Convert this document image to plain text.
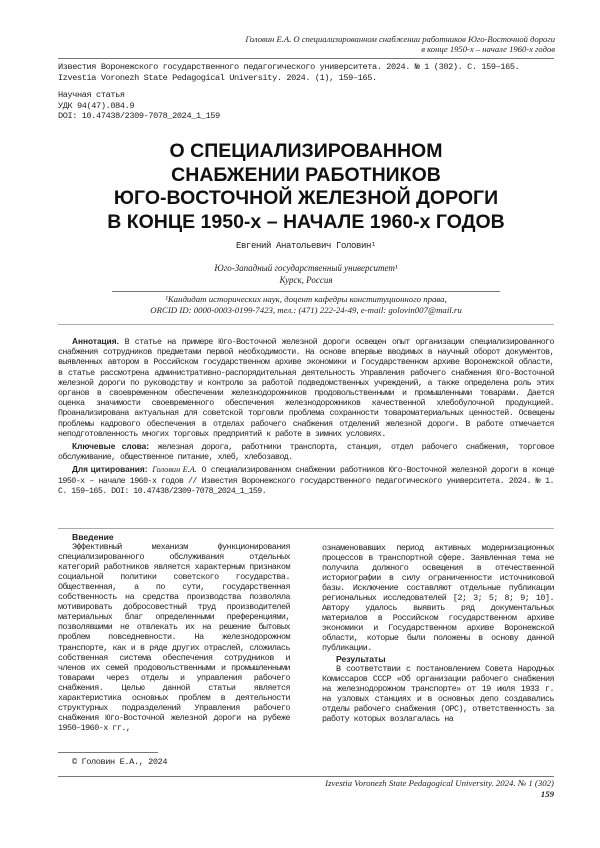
Головин Е.А. О специализированном снабжении работников Юго-Восточной дороги
в конце 1950-х – начале 1960-х годов
Известия Воронежского государственного педагогического университета. 2024. № 1 (302). С. 159–165.
Izvestia Voronezh State Pedagogical University. 2024. (1), 159–165.
Научная статья
УДК 94(47).084.9
DOI: 10.47438/2309-7078_2024_1_159
О СПЕЦИАЛИЗИРОВАННОМ
СНАБЖЕНИИ РАБОТНИКОВ
ЮГО-ВОСТОЧНОЙ ЖЕЛЕЗНОЙ ДОРОГИ
В КОНЦЕ 1950-х – НАЧАЛЕ 1960-х ГОДОВ
Евгений Анатольевич Головин¹
Юго-Западный государственный университет¹
Курск, Россия
¹Кандидат исторических наук, доцент кафедры конституционного права,
ORCID ID: 0000-0003-0199-7423, тел.: (471) 222-24-49, e-mail: golovin007@mail.ru

Аннотация. В статье на примере Юго-Восточной железной дороги освещен опыт организации специализированного снабжения сотрудников предметами первой необходимости. На основе впервые вводимых в научный оборот документов, выявленных автором в Российском государственном архиве экономики и Государственном архиве Воронежской области, в статье рассмотрена административно-распорядительная деятельность Управления рабочего снабжения Юго-Восточной железной дороги по руководству и контролю за работой подведомственных учреждений, а также определена роль этих органов в своевременном обеспечении железнодорожников продовольственными и промышленными товарами. Дается оценка значимости своевременного обеспечения железнодорожников качественной хлебобулочной продукцией. Проанализирована актуальная для советской торговли проблема сохранности товароматериальных ценностей. Освещены проблемы кадрового обеспечения в отделах рабочего снабжения отделений железной дороги. В работе отмечается неподготовленность многих торговых предприятий к работе в зимних условиях.

Ключевые слова: железная дорога, работники транспорта, станция, отдел рабочего снабжения, торговое обслуживание, общественное питание, хлеб, хлебозавод.

Для цитирования: Головин Е.А. О специализированном снабжении работников Юго-Восточной железной дороги в конце 1950-х – начале 1960-х годов // Известия Воронежского государственного педагогического университета. 2024. № 1. С. 159–165. DOI: 10.47438/2309-7078_2024_1_159.

Введение

Эффективный механизм функционирования специализированного обслуживания отдельных категорий работников является характерным признаком социальной политики советского государства. Общественная, а по сути, государственная собственность на средства производства позволяла мотивировать добросовестный труд производителей материальных благ определенными преференциями, позволявшими не отвлекать их на решение бытовых проблем повседневности. На железнодорожном транспорте, как и в ряде других отраслей, сложилась собственная система обеспечения сотрудников и членов их семей продовольственными и промышленными товарами через отделы и управления рабочего снабжения. Целью данной статьи является характеристика основных проблем в деятельности структурных подразделений Управления рабочего снабжения Юго-Восточной железной дороги на рубеже 1950–1960-х гг.,

ознаменовавших период активных модернизационных процессов в транспортной сфере. Заявленная тема не получила должного освещения в отечественной историографии в силу ограниченности источниковой базы. Исключение составляют отдельные публикации региональных исследователей [2; 3; 5; 8; 9; 10]. Автору удалось выявить ряд документальных материалов в Российском государственном архиве экономики и Государственном архиве Воронежской области, которые были положены в основу данной публикации.

Результаты

В соответствии с постановлением Совета Народных Комиссаров СССР «Об организации рабочего снабжения на железнодорожном транспорте» от 19 июля 1933 г. на узловых станциях и в основных депо создавались отделы рабочего снабжения (ОРС), ответственность за работу которых возлагалась на

© Головин Е.А., 2024
Izvestia Voronezh State Pedagogical University. 2024. № 1 (302)
159
